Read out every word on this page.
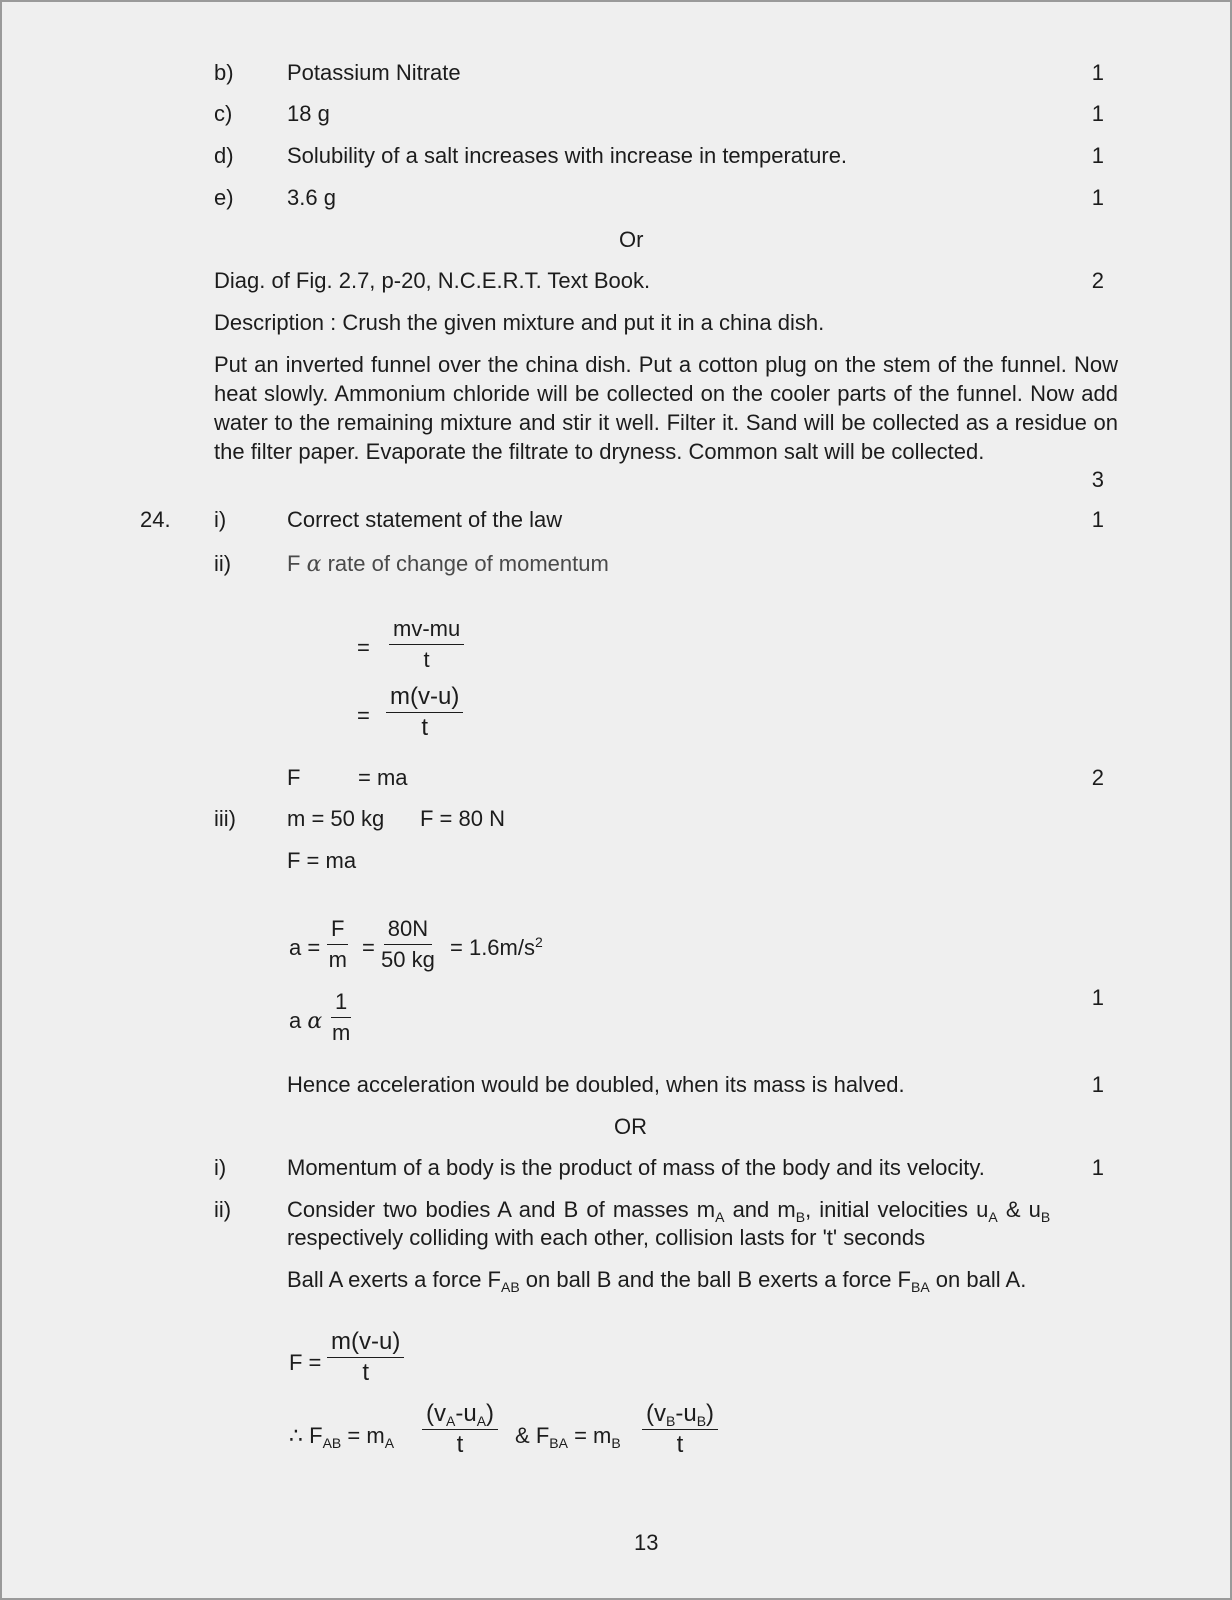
b) Potassium Nitrate	1
c) 18 g	1
d) Solubility of a salt increases with increase in temperature.	1
e) 3.6 g	1
Or
Diag. of Fig. 2.7, p-20, N.C.E.R.T. Text Book.	2
Description : Crush the given mixture and put it in a china dish.
Put an inverted funnel over the china dish. Put a cotton plug on the stem of the funnel. Now heat slowly. Ammonium chloride will be collected on the cooler parts of the funnel. Now add water to the remaining mixture and stir it well. Filter it. Sand will be collected as a residue on the filter paper. Evaporate the filtrate to dryness. Common salt will be collected.
3
24. i)	Correct statement of the law	1
ii)	F α rate of change of momentum
= $\frac{mv-mu}{t}$
= $\frac{m(v-u)}{t}$
F	= ma	2
iii) m = 50 kg F = 80 N
F = ma
$a = \frac{F}{m} = \frac{80N}{50 kg} = 1.6m/s^2$
a α $\frac{1}{m}$	1
Hence acceleration would be doubled, when its mass is halved.	1
OR
i)	Momentum of a body is the product of mass of the body and its velocity.	1
ii)	Consider two bodies A and B of masses $m_A$ and $m_B$, initial velocities $u_A$ & $u_B$
respectively colliding with each other, collision lasts for 't' seconds
Ball A exerts a force $F_{AB}$ on ball B and the ball B exerts a force $F_{BA}$ on ball A.
$F = \frac{m(v-u)}{t}$
∴ $F_{AB} = m_A \frac{(v_A-u_A)}{t}$ & $F_{BA} = m_B \frac{(v_B-u_B)}{t}$
13
